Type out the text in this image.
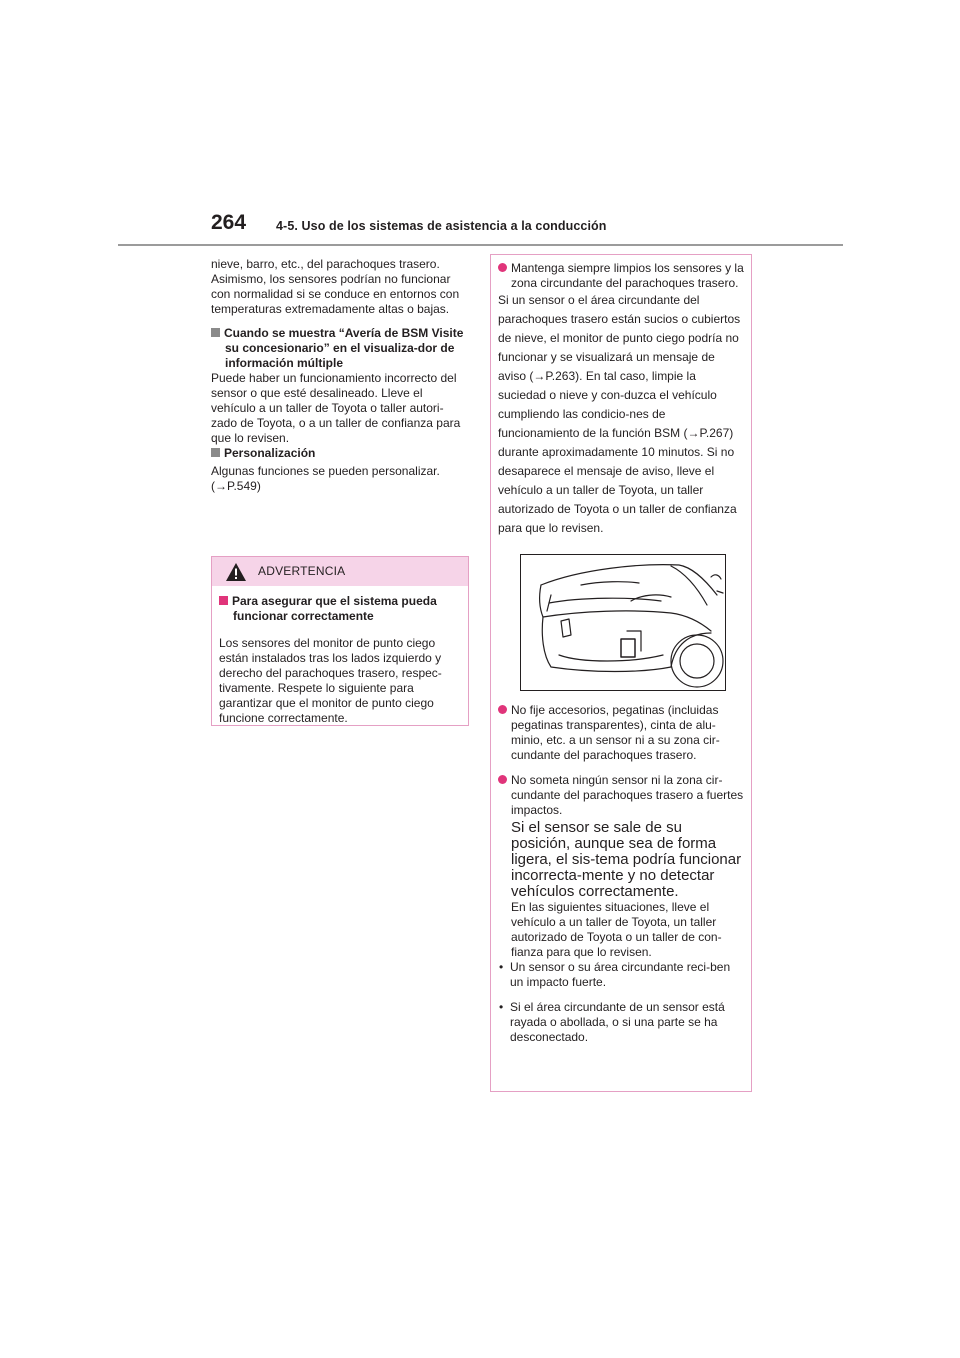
264 4-5. Uso de los sistemas de asistencia a la conducción

nieve, barro, etc., del parachoques trasero. Asimismo, los sensores podrían no funcionar con normalidad si se conduce en entornos con temperaturas extremadamente altas o bajas.

Cuando se muestra “Avería de BSM Visite su concesionario” en el visualiza-dor de información múltiple

Puede haber un funcionamiento incorrecto del sensor o que esté desalineado. Lleve el vehículo a un taller de Toyota o taller autori-zado de Toyota, o a un taller de confianza para que lo revisen.

Personalización

Algunas funciones se pueden personalizar.
(→P.549)

ADVERTENCIA

Para asegurar que el sistema pueda funcionar correctamente

Los sensores del monitor de punto ciego están instalados tras los lados izquierdo y derecho del parachoques trasero, respec-tivamente. Respete lo siguiente para garantizar que el monitor de punto ciego funcione correctamente.

Mantenga siempre limpios los sensores y la zona circundante del parachoques trasero.

Si un sensor o el área circundante del parachoques trasero están sucios o cubiertos de nieve, el monitor de punto ciego podría no funcionar y se visualizará un mensaje de aviso (→P.263). En tal caso, limpie la suciedad o nieve y con-duzca el vehículo cumpliendo las condicio-nes de funcionamiento de la función BSM (→P.267) durante aproximadamente 10 minutos. Si no desaparece el mensaje de aviso, lleve el vehículo a un taller de Toyota, un taller autorizado de Toyota o un taller de confianza para que lo revisen.

No fije accesorios, pegatinas (incluidas pegatinas transparentes), cinta de alu-minio, etc. a un sensor ni a su zona cir-cundante del parachoques trasero.

No someta ningún sensor ni la zona cir-cundante del parachoques trasero a fuertes impactos.

Si el sensor se sale de su posición, aunque sea de forma ligera, el sis-tema podría funcionar incorrecta-mente y no detectar vehículos correctamente.

En las siguientes situaciones, lleve el vehículo a un taller de Toyota, un taller autorizado de Toyota o un taller de con-fianza para que lo revisen.

• Un sensor o su área circundante reci-ben un impacto fuerte.

• Si el área circundante de un sensor está rayada o abollada, o si una parte se ha desconectado.
